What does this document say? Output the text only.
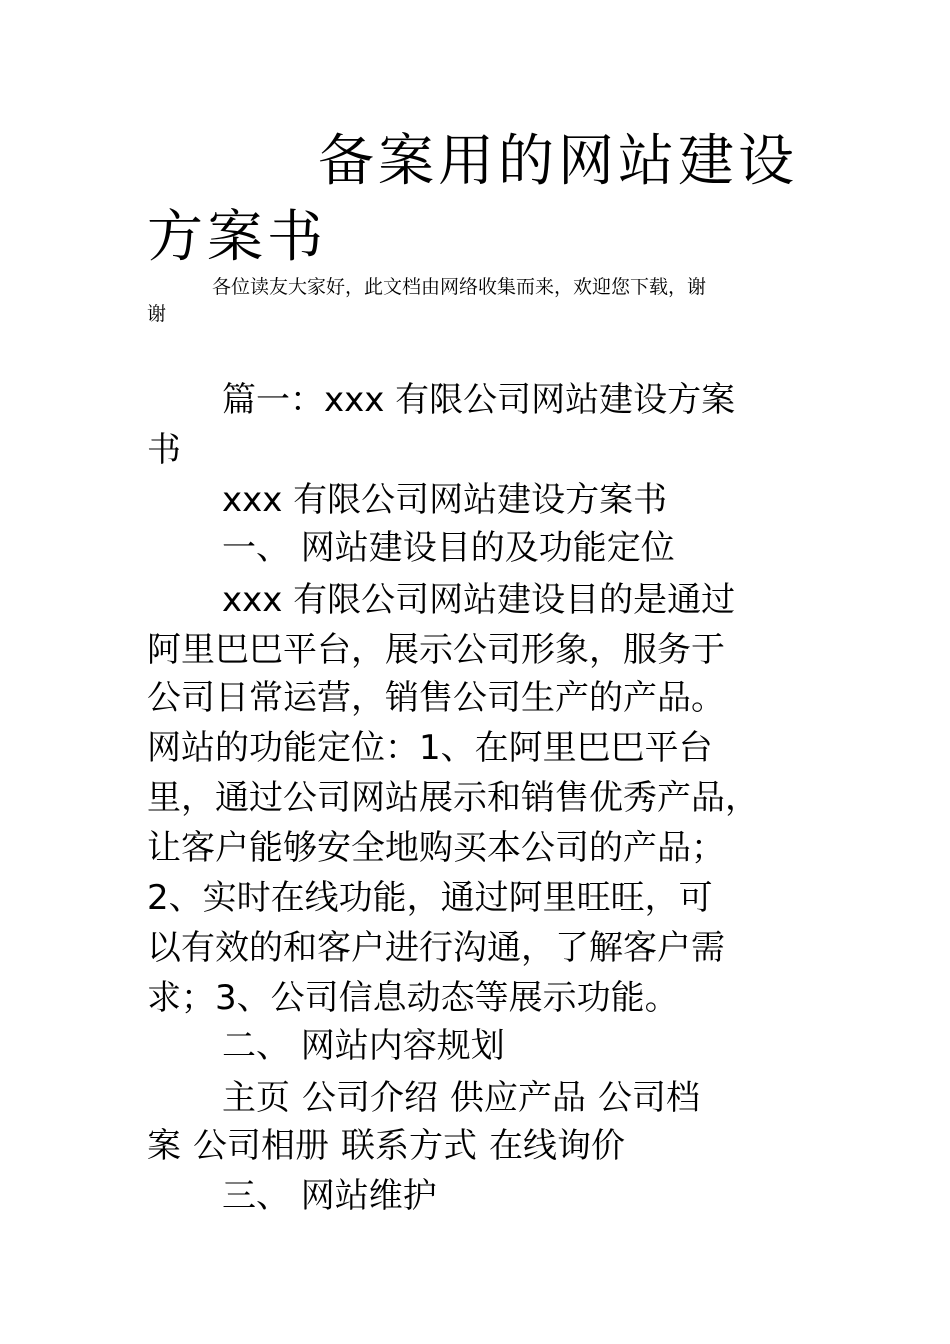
备案用的网站建设
方案书
各位读友大家好，此文档由网络收集而来，欢迎您下载，谢
谢
篇一：xxx 有限公司网站建设方案
书
xxx 有限公司网站建设方案书
一、 网站建设目的及功能定位
xxx 有限公司网站建设目的是通过
阿里巴巴平台，展示公司形象，服务于
公司日常运营，销售公司生产的产品。
网站的功能定位：1、在阿里巴巴平台
里，通过公司网站展示和销售优秀产品，
让客户能够安全地购买本公司的产品；
2、实时在线功能，通过阿里旺旺，可
以有效的和客户进行沟通，了解客户需
求；3、公司信息动态等展示功能。
二、 网站内容规划
主页 公司介绍 供应产品 公司档
案 公司相册 联系方式 在线询价
三、 网站维护
